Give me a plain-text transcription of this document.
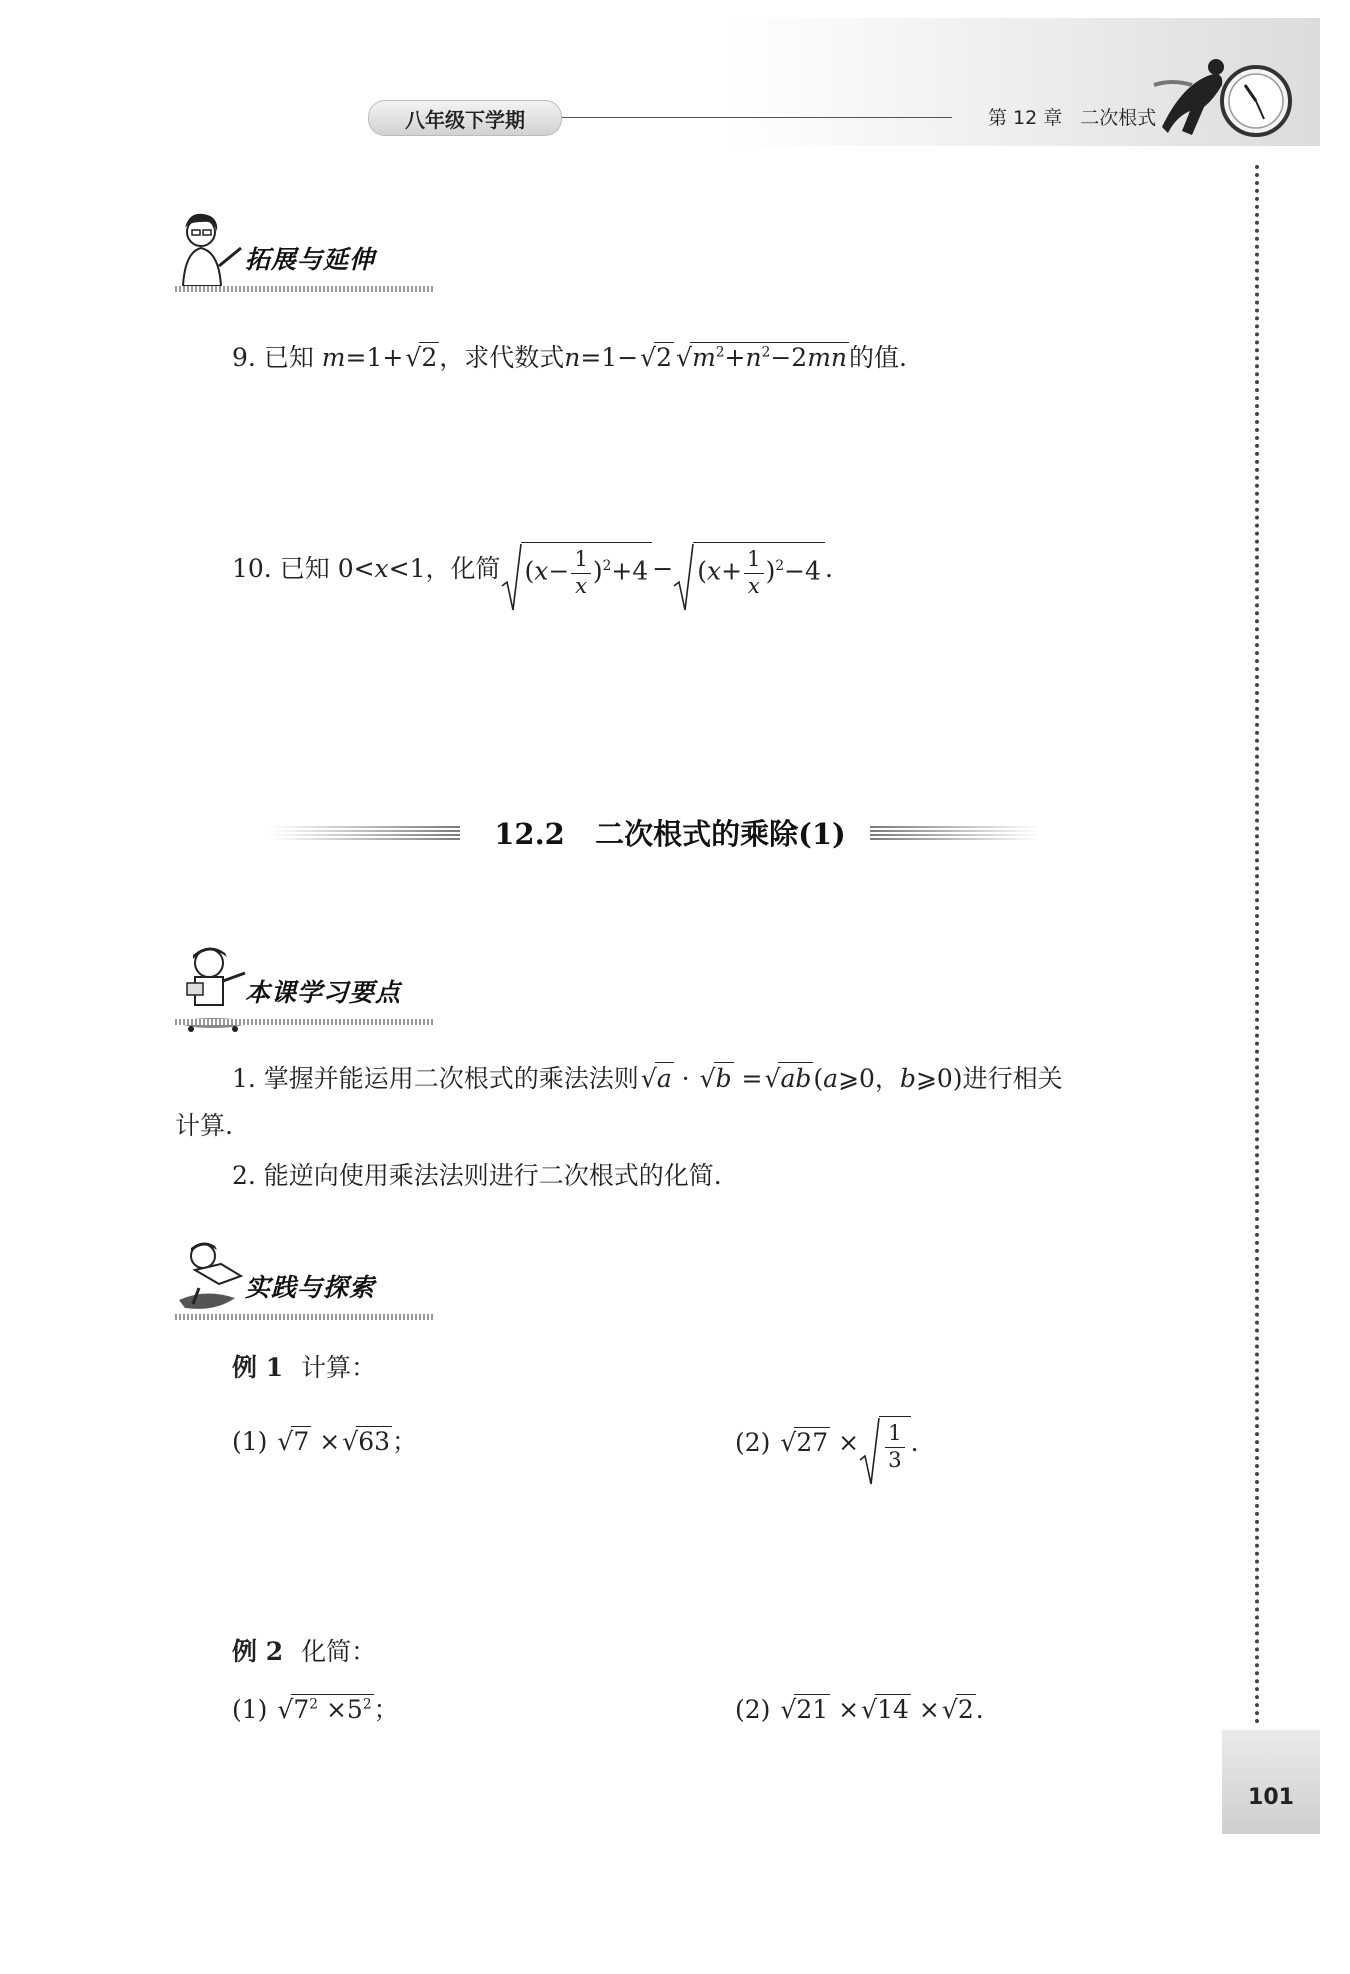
八年级下学期	第 12 章 二次根式
拓展与延伸
9. 已知 m=1+ √ 2，求代数式n=1− √ 2 √ $m^2+n^2-2mn$的值.
10. 已知 0<x<1，化简 $(x- \frac{1}{x} )^2+4 - (x+ \frac{1}{x} )^2-4$ .
12.2 二次根式的乘除(1)
本课学习要点
1. 掌握并能运用二次根式的乘法法则 √ a · √ b = √ ab(a⩾0，b⩾0)进行相关
计算.
2. 能逆向使用乘法法则进行二次根式的化简.
实践与探索
例 1 计算：
(1) √ 7 × √ 63；	(2) √ $27 \times \frac{1}{3}$ .
例 2 化简：
(1) √ $7^2 \times 5^2$；	(2) √ 21 × √ 14 × √ 2.
101
